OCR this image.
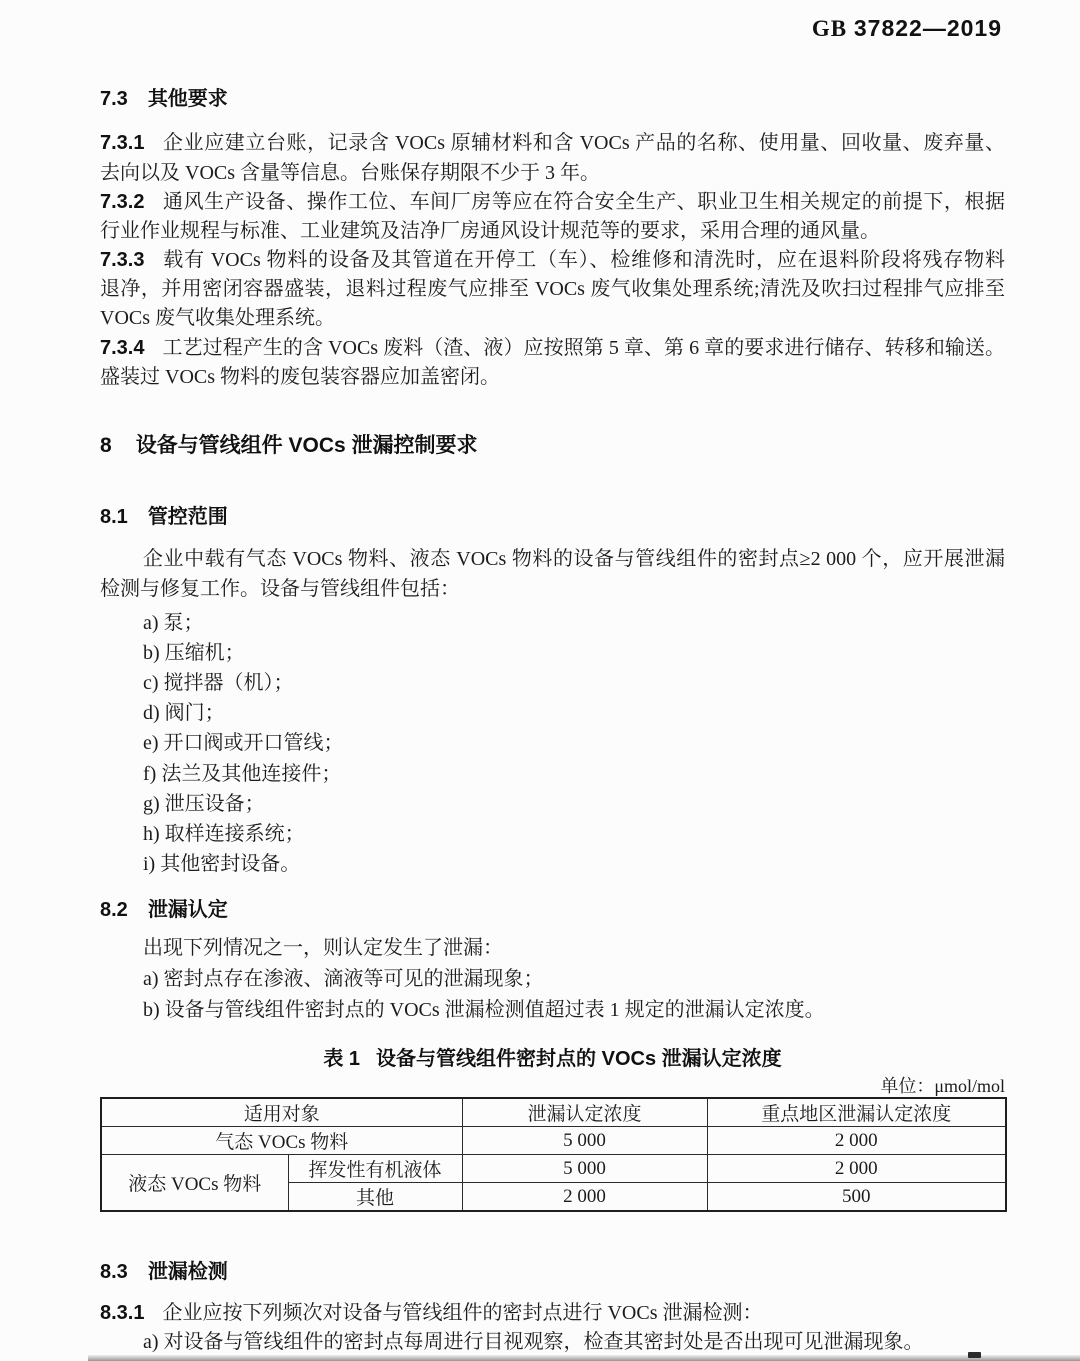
GB 37822—2019
7.3 其他要求
7.3.1 企业应建立台账，记录含 VOCs 原辅材料和含 VOCs 产品的名称、使用量、回收量、废弃量、
去向以及 VOCs 含量等信息。台账保存期限不少于 3 年。
7.3.2 通风生产设备、操作工位、车间厂房等应在符合安全生产、职业卫生相关规定的前提下，根据
行业作业规程与标准、工业建筑及洁净厂房通风设计规范等的要求，采用合理的通风量。
7.3.3 载有 VOCs 物料的设备及其管道在开停工（车）、检维修和清洗时，应在退料阶段将残存物料
退净，并用密闭容器盛装，退料过程废气应排至 VOCs 废气收集处理系统;清洗及吹扫过程排气应排至
VOCs 废气收集处理系统。
7.3.4 工艺过程产生的含 VOCs 废料（渣、液）应按照第 5 章、第 6 章的要求进行储存、转移和输送。
盛装过 VOCs 物料的废包装容器应加盖密闭。
8 设备与管线组件 VOCs 泄漏控制要求
8.1 管控范围
企业中载有气态 VOCs 物料、液态 VOCs 物料的设备与管线组件的密封点≥2 000 个，应开展泄漏
检测与修复工作。设备与管线组件包括：
a) 泵；
b) 压缩机；
c) 搅拌器（机）；
d) 阀门；
e) 开口阀或开口管线；
f) 法兰及其他连接件；
g) 泄压设备；
h) 取样连接系统；
i) 其他密封设备。
8.2 泄漏认定
出现下列情况之一，则认定发生了泄漏：
a) 密封点存在渗液、滴液等可见的泄漏现象；
b) 设备与管线组件密封点的 VOCs 泄漏检测值超过表 1 规定的泄漏认定浓度。
表 1 设备与管线组件密封点的 VOCs 泄漏认定浓度
单位：μmol/mol
适用对象		泄漏认定浓度	重点地区泄漏认定浓度
气态 VOCs 物料		5 000	2 000
液态 VOCs 物料	挥发性有机液体	5 000	2 000
	其他	2 000	500
8.3 泄漏检测
8.3.1 企业应按下列频次对设备与管线组件的密封点进行 VOCs 泄漏检测：
a) 对设备与管线组件的密封点每周进行目视观察，检查其密封处是否出现可见泄漏现象。
